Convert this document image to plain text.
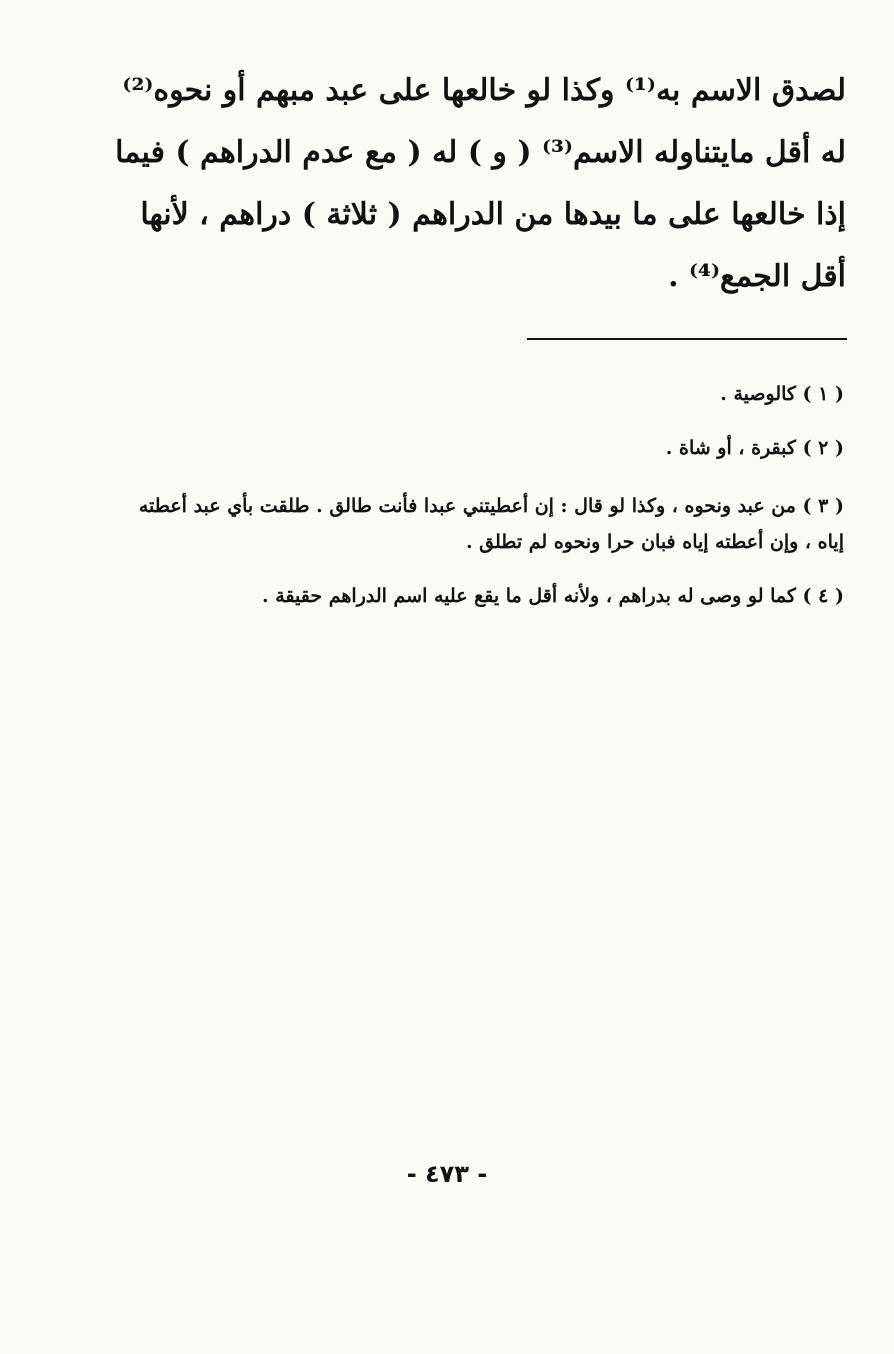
لصدق الاسم به⁽¹⁾ وكذا لو خالعها على عبد مبهم أو نحوه⁽²⁾
له أقل مايتناوله الاسم⁽³⁾ ( و ) له ( مع عدم الدراهم ) فيما
إذا خالعها على ما بيدها من الدراهم ( ثلاثة ) دراهم ، لأنها
أقل الجمع⁽⁴⁾ .
( ١ ) كالوصية .
( ٢ ) كبقرة ، أو شاة .
( ٣ ) من عبد ونحوه ، وكذا لو قال : إن أعطيتني عبدا فأنت طالق . طلقت بأي عبد أعطته إياه ، وإن أعطته إياه فبان حرا ونحوه لم تطلق .
( ٤ ) كما لو وصى له بدراهم ، ولأنه أقل ما يقع عليه اسم الدراهم حقيقة .
- ٤٧٣ -
